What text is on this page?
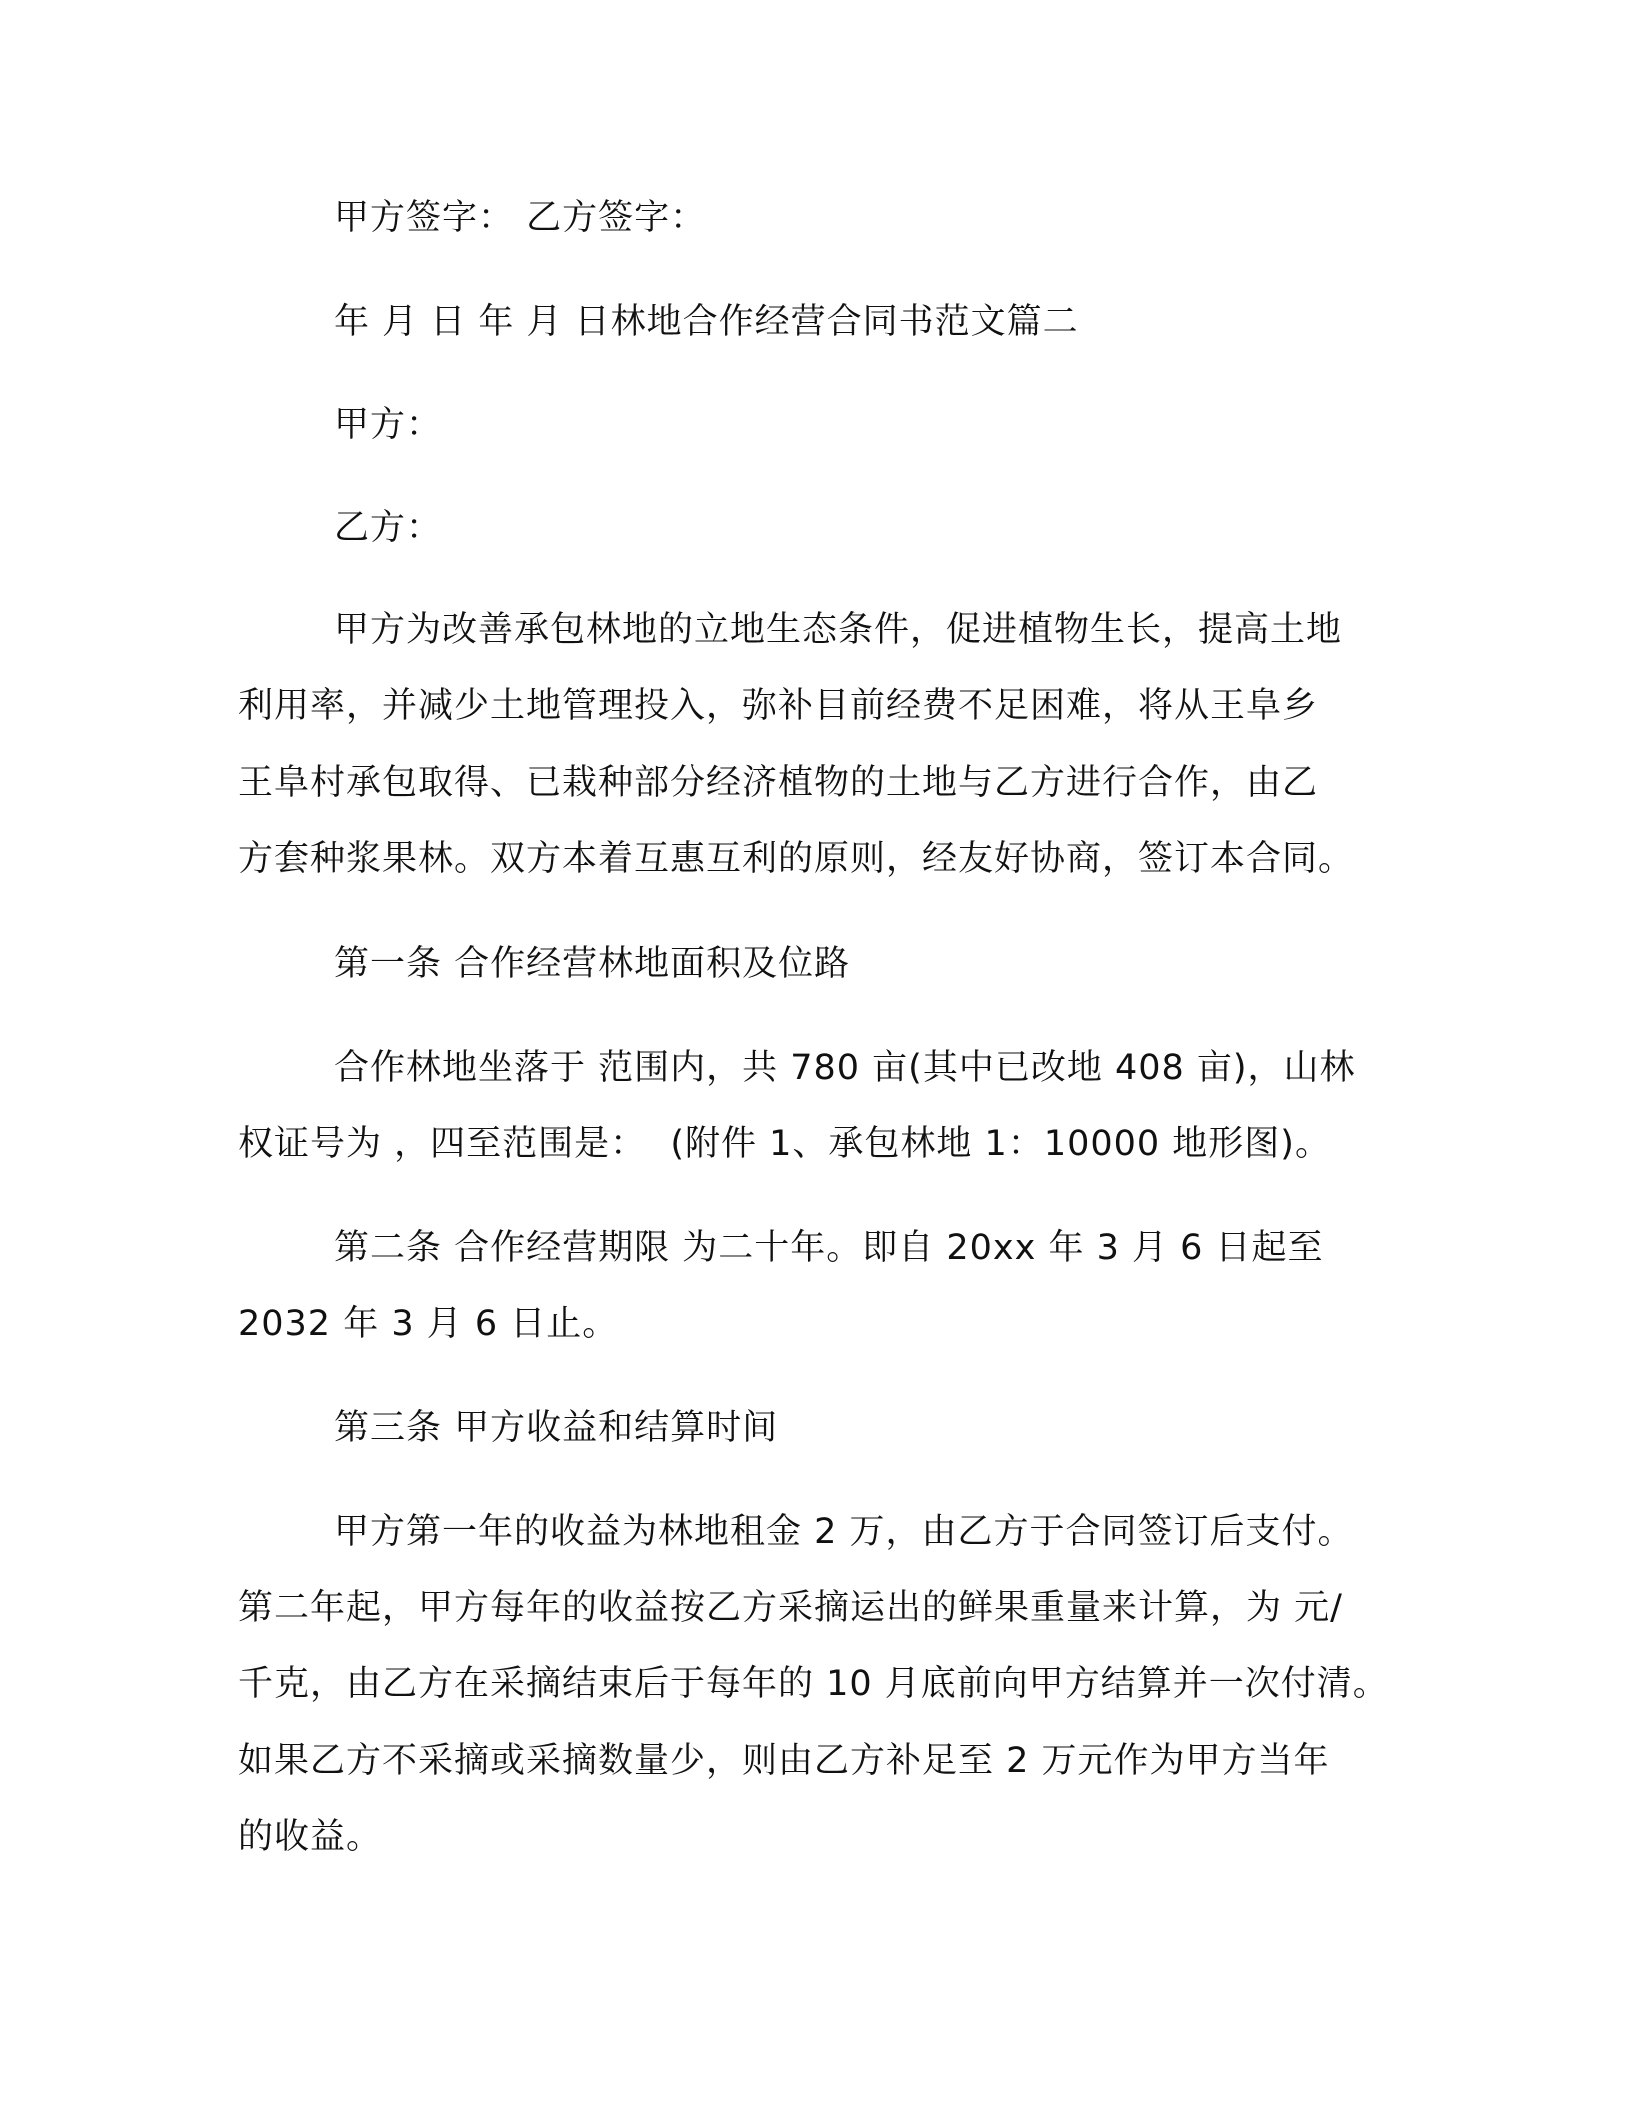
甲方签字： 乙方签字：

年 月 日 年 月 日林地合作经营合同书范文篇二

甲方：

乙方：

甲方为改善承包林地的立地生态条件，促进植物生长，提高土地

利用率，并减少土地管理投入，弥补目前经费不足困难，将从王阜乡

王阜村承包取得、已栽种部分经济植物的土地与乙方进行合作，由乙

方套种浆果林。双方本着互惠互利的原则，经友好协商，签订本合同。

第一条 合作经营林地面积及位路

合作林地坐落于 范围内，共 780 亩(其中已改地 408 亩)，山林

权证号为 ，四至范围是：  (附件 1、承包林地 1：10000 地形图)。

第二条 合作经营期限 为二十年。即自 20xx 年 3 月 6 日起至

2032 年 3 月 6 日止。

第三条 甲方收益和结算时间

甲方第一年的收益为林地租金 2 万，由乙方于合同签订后支付。

第二年起，甲方每年的收益按乙方采摘运出的鲜果重量来计算，为 元/

千克，由乙方在采摘结束后于每年的 10 月底前向甲方结算并一次付清。

如果乙方不采摘或采摘数量少，则由乙方补足至 2 万元作为甲方当年

的收益。
